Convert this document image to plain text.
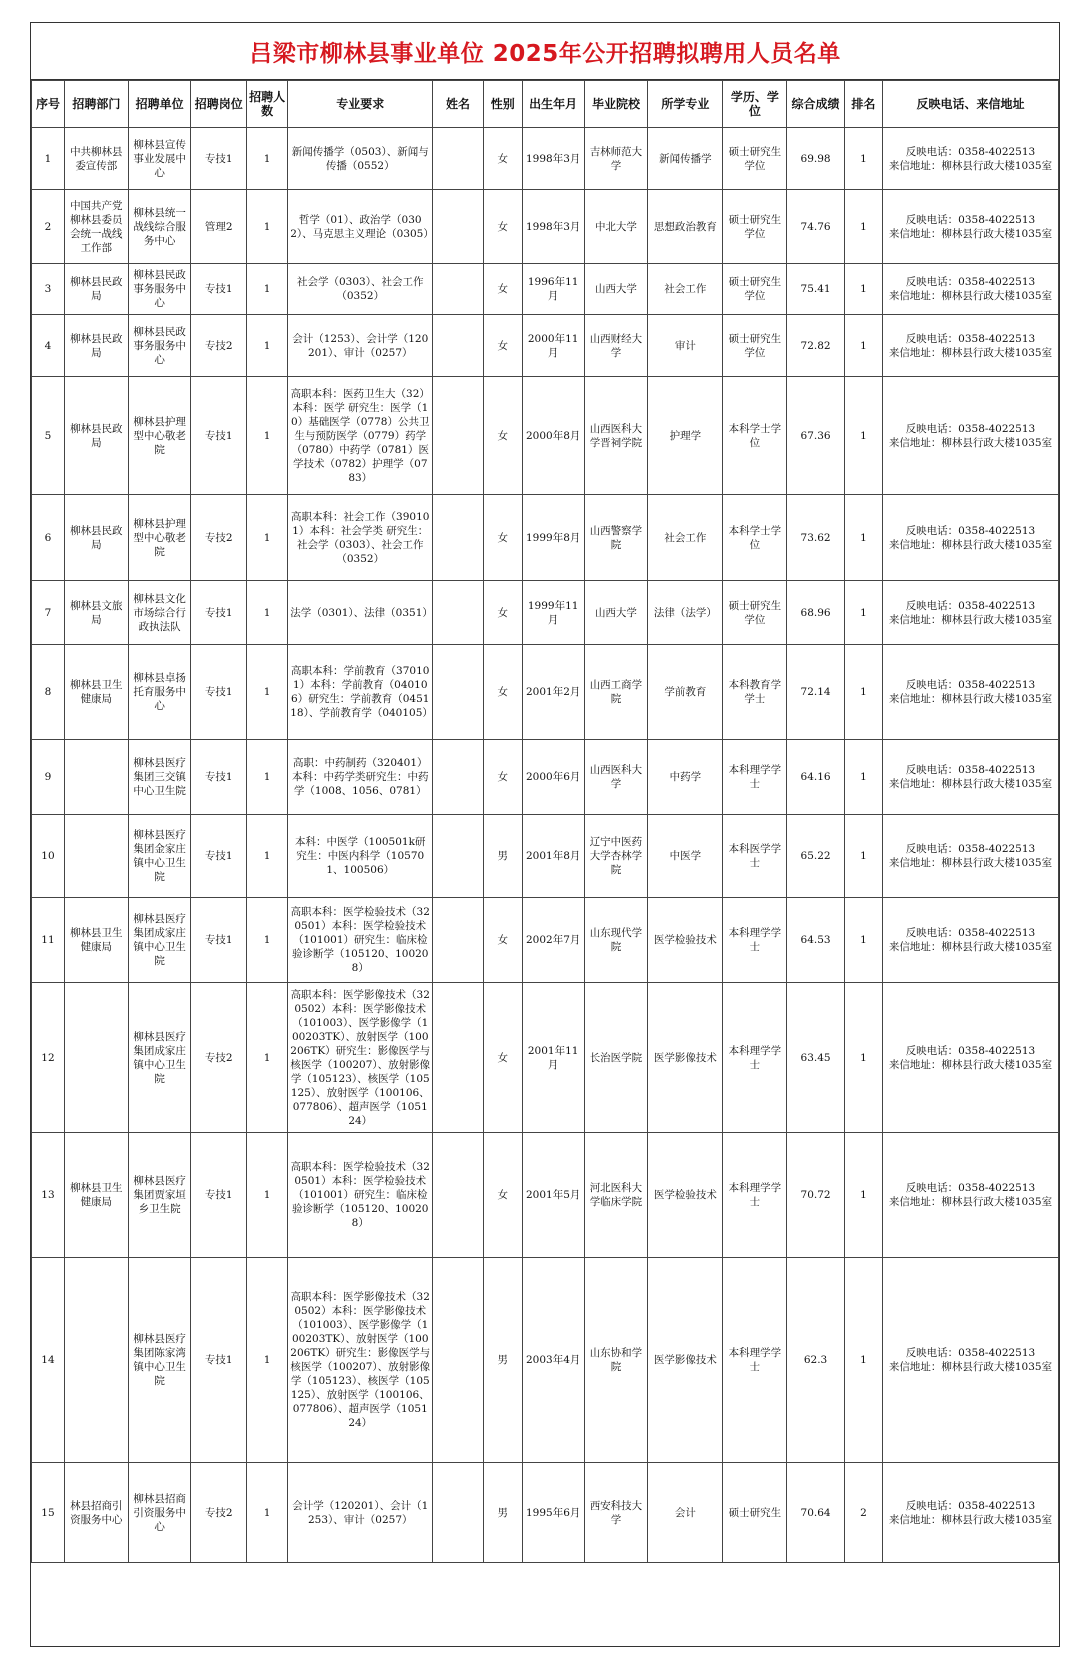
吕梁市柳林县事业单位 2025年公开招聘拟聘用人员名单
序号	招聘部门	招聘单位	招聘岗位	招聘人数	专业要求	姓名	性别	出生年月	毕业院校	所学专业	学历、学位	综合成绩	排名	反映电话、来信地址
1	中共柳林县委宣传部	柳林县宣传事业发展中心	专技1	1	新闻传播学（0503）、新闻与传播（0552）		女	1998年3月	吉林师范大学	新闻传播学	硕士研究生学位	69.98	1	反映电话：0358-4022513
来信地址：柳林县行政大楼1035室

2	中国共产党柳林县委员会统一战线工作部	柳林县统一战线综合服务中心	管理2	1	哲学（01）、政治学（0302）、马克思主义理论（0305）		女	1998年3月	中北大学	思想政治教育	硕士研究生学位	74.76	1	反映电话：0358-4022513
来信地址：柳林县行政大楼1035室

3	柳林县民政局	柳林县民政事务服务中心	专技1	1	社会学（0303）、社会工作（0352）		女	1996年11月	山西大学	社会工作	硕士研究生学位	75.41	1	反映电话：0358-4022513
来信地址：柳林县行政大楼1035室

4	柳林县民政局	柳林县民政事务服务中心	专技2	1	会计（1253）、会计学（120201）、审计（0257）		女	2000年11月	山西财经大学	审计	硕士研究生学位	72.82	1	反映电话：0358-4022513
来信地址：柳林县行政大楼1035室

5	柳林县民政局	柳林县护理型中心敬老院	专技1	1	高职本科：医药卫生大（32）本科：医学 研究生：医学（10）基础医学（0778）公共卫生与预防医学（0779）药学（0780）中药学（0781）医学技术（0782）护理学（0783）		女	2000年8月	山西医科大学晋祠学院	护理学	本科学士学位	67.36	1	反映电话：0358-4022513
来信地址：柳林县行政大楼1035室

6	柳林县民政局	柳林县护理型中心敬老院	专技2	1	高职本科：社会工作（390101）本科：社会学类 研究生：社会学（0303）、社会工作（0352）		女	1999年8月	山西警察学院	社会工作	本科学士学位	73.62	1	反映电话：0358-4022513
来信地址：柳林县行政大楼1035室

7	柳林县文旅局	柳林县文化市场综合行政执法队	专技1	1	法学（0301）、法律（0351）		女	1999年11月	山西大学	法律（法学）	硕士研究生学位	68.96	1	反映电话：0358-4022513
来信地址：柳林县行政大楼1035室

8	柳林县卫生健康局	柳林县卓扬托育服务中心	专技1	1	高职本科：学前教育（370101）本科：学前教育（040106）研究生：学前教育（045118）、学前教育学（040105）		女	2001年2月	山西工商学院	学前教育	本科教育学学士	72.14	1	反映电话：0358-4022513
来信地址：柳林县行政大楼1035室

9		柳林县医疗集团三交镇中心卫生院	专技1	1	高职：中药制药（320401）本科：中药学类研究生：中药学（1008、1056、0781）		女	2000年6月	山西医科大学	中药学	本科理学学士	64.16	1	反映电话：0358-4022513
来信地址：柳林县行政大楼1035室

10		柳林县医疗集团金家庄镇中心卫生院	专技1	1	本科：中医学（100501k研究生：中医内科学（105701、100506）		男	2001年8月	辽宁中医药大学杏林学院	中医学	本科医学学士	65.22	1	反映电话：0358-4022513
来信地址：柳林县行政大楼1035室

11	柳林县卫生健康局	柳林县医疗集团成家庄镇中心卫生院	专技1	1	高职本科：医学检验技术（320501）本科：医学检验技术（101001）研究生：临床检验诊断学（105120、100208）		女	2002年7月	山东现代学院	医学检验技术	本科理学学士	64.53	1	反映电话：0358-4022513
来信地址：柳林县行政大楼1035室

12		柳林县医疗集团成家庄镇中心卫生院	专技2	1	高职本科：医学影像技术（320502）本科：医学影像技术（101003）、医学影像学（100203TK）、放射医学（100206TK）研究生：影像医学与核医学（100207）、放射影像学（105123）、核医学（105125）、放射医学（100106、077806）、超声医学（105124）		女	2001年11月	长治医学院	医学影像技术	本科理学学士	63.45	1	反映电话：0358-4022513
来信地址：柳林县行政大楼1035室

13	柳林县卫生健康局	柳林县医疗集团贾家垣乡卫生院	专技1	1	高职本科：医学检验技术（320501）本科：医学检验技术（101001）研究生：临床检验诊断学（105120、100208）		女	2001年5月	河北医科大学临床学院	医学检验技术	本科理学学士	70.72	1	反映电话：0358-4022513
来信地址：柳林县行政大楼1035室

14		柳林县医疗集团陈家湾镇中心卫生院	专技1	1	高职本科：医学影像技术（320502）本科：医学影像技术（101003）、医学影像学（100203TK）、放射医学（100206TK）研究生：影像医学与核医学（100207）、放射影像学（105123）、核医学（105125）、放射医学（100106、077806）、超声医学（105124）		男	2003年4月	山东协和学院	医学影像技术	本科理学学士	62.3	1	反映电话：0358-4022513
来信地址：柳林县行政大楼1035室

15	林县招商引资服务中心	柳林县招商引资服务中心	专技2	1	会计学（120201）、会计（1253）、审计（0257）		男	1995年6月	西安科技大学	会计	硕士研究生	70.64	2	反映电话：0358-4022513
来信地址：柳林县行政大楼1035室
